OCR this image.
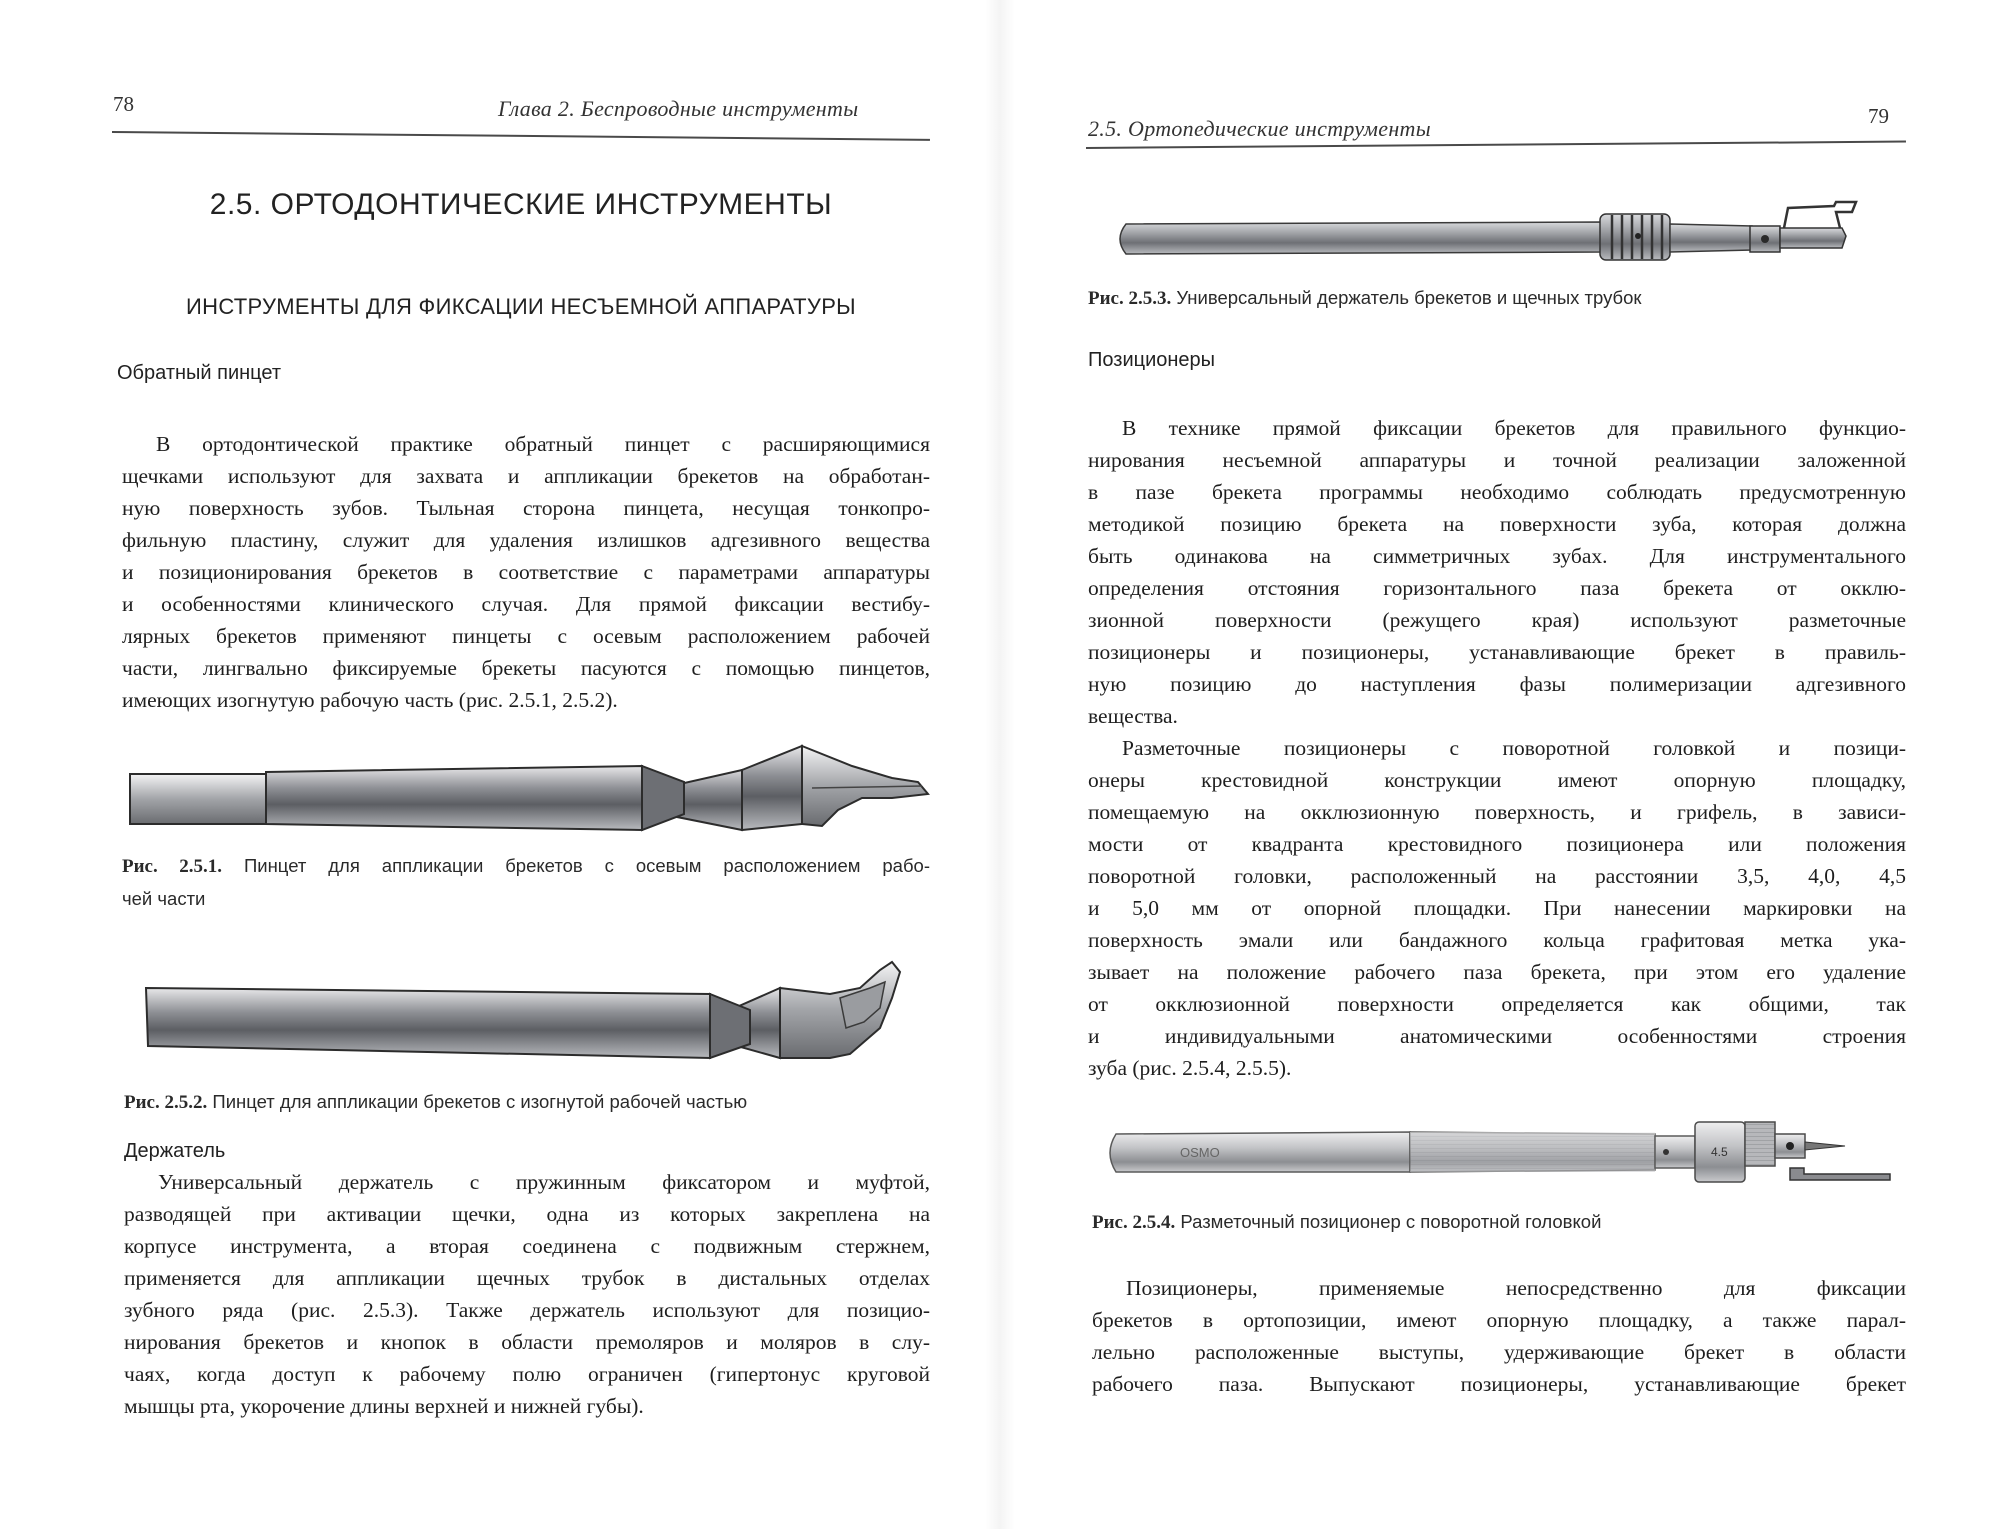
78	Глава 2. Беспроводные инструменты
2.5. ОРТОДОНТИЧЕСКИЕ ИНСТРУМЕНТЫ
ИНСТРУМЕНТЫ ДЛЯ ФИКСАЦИИ НЕСЪЕМНОЙ АППАРАТУРЫ
Обратный пинцет
В ортодонтической практике обратный пинцет с расширяющимися
щечками используют для захвата и аппликации брекетов на обработан-
ную поверхность зубов. Тыльная сторона пинцета, несущая тонкопро-
фильную пластину, служит для удаления излишков адгезивного вещества
и позиционирования брекетов в соответствие с параметрами аппаратуры
и особенностями клинического случая. Для прямой фиксации вестибу-
лярных брекетов применяют пинцеты с осевым расположением рабочей
части, лингвально фиксируемые брекеты пасуются с помощью пинцетов,
имеющих изогнутую рабочую часть (рис. 2.5.1, 2.5.2).
Рис. 2.5.1. Пинцет для аппликации брекетов с осевым расположением рабо-
чей части
Рис. 2.5.2. Пинцет для аппликации брекетов с изогнутой рабочей частью
Держатель
Универсальный держатель с пружинным фиксатором и муфтой,
разводящей при активации щечки, одна из которых закреплена на
корпусе инструмента, а вторая соединена с подвижным стержнем,
применяется для аппликации щечных трубок в дистальных отделах
зубного ряда (рис. 2.5.3). Также держатель используют для позицио-
нирования брекетов и кнопок в области премоляров и моляров в слу-
чаях, когда доступ к рабочему полю ограничен (гипертонус круговой
мышцы рта, укорочение длины верхней и нижней губы).
2.5. Ортопедические инструменты	79
Рис. 2.5.3. Универсальный держатель брекетов и щечных трубок
Позиционеры
В технике прямой фиксации брекетов для правильного функцио-
нирования несъемной аппаратуры и точной реализации заложенной
в пазе брекета программы необходимо соблюдать предусмотренную
методикой позицию брекета на поверхности зуба, которая должна
быть одинакова на симметричных зубах. Для инструментального
определения отстояния горизонтального паза брекета от окклю-
зионной поверхности (режущего края) используют разметочные
позиционеры и позиционеры, устанавливающие брекет в правиль-
ную позицию до наступления фазы полимеризации адгезивного
вещества.
Разметочные позиционеры с поворотной головкой и позици-
онеры крестовидной конструкции имеют опорную площадку,
помещаемую на окклюзионную поверхность, и грифель, в зависи-
мости от квадранта крестовидного позиционера или положения
поворотной головки, расположенный на расстоянии 3,5, 4,0, 4,5
и 5,0 мм от опорной площадки. При нанесении маркировки на
поверхность эмали или бандажного кольца графитовая метка ука-
зывает на положение рабочего паза брекета, при этом его удаление
от окклюзионной поверхности определяется как общими, так
и индивидуальными анатомическими особенностями строения
зуба (рис. 2.5.4, 2.5.5).
OSMO	4.5
Рис. 2.5.4. Разметочный позиционер с поворотной головкой
Позиционеры, применяемые непосредственно для фиксации
брекетов в ортопозиции, имеют опорную площадку, а также парал-
лельно расположенные выступы, удерживающие брекет в области
рабочего паза. Выпускают позиционеры, устанавливающие брекет
